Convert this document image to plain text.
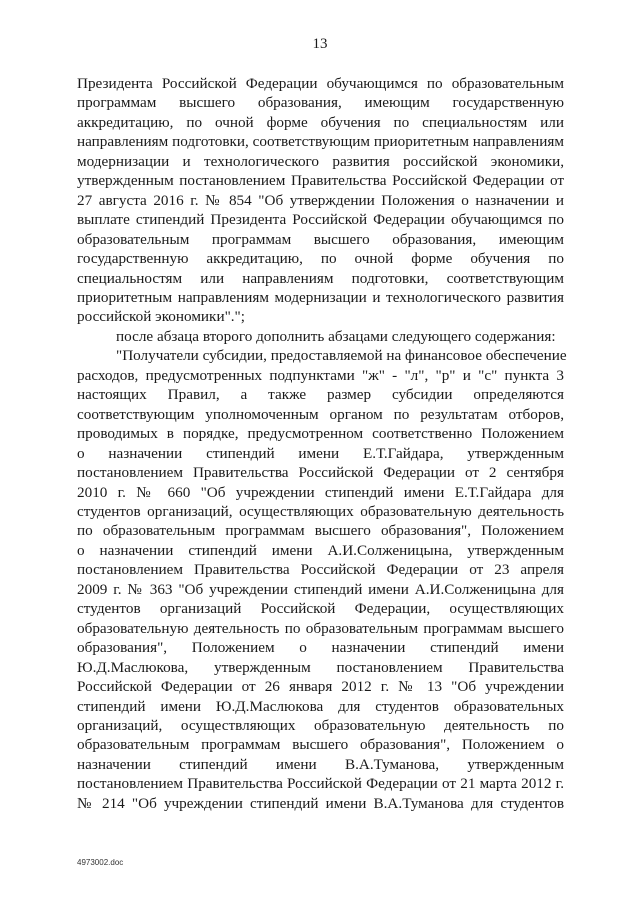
13
Президента Российской Федерации обучающимся по образовательным
программам высшего образования, имеющим государственную
аккредитацию, по очной форме обучения по специальностям или
направлениям подготовки, соответствующим приоритетным направлениям
модернизации и технологического развития российской экономики,
утвержденным постановлением Правительства Российской Федерации от
27 августа 2016 г. № 854 "Об утверждении Положения о назначении и
выплате стипендий Президента Российской Федерации обучающимся по
образовательным программам высшего образования, имеющим
государственную аккредитацию, по очной форме обучения по
специальностям или направлениям подготовки, соответствующим
приоритетным направлениям модернизации и технологического развития
российской экономики".";
после абзаца второго дополнить абзацами следующего содержания:
"Получатели субсидии, предоставляемой на финансовое обеспечение
расходов, предусмотренных подпунктами "ж" - "л", "р" и "с" пункта 3
настоящих Правил, а также размер субсидии определяются
соответствующим уполномоченным органом по результатам отборов,
проводимых в порядке, предусмотренном соответственно Положением
о назначении стипендий имени Е.Т.Гайдара, утвержденным
постановлением Правительства Российской Федерации от 2 сентября
2010 г. № 660 "Об учреждении стипендий имени Е.Т.Гайдара для
студентов организаций, осуществляющих образовательную деятельность
по образовательным программам высшего образования", Положением
о назначении стипендий имени А.И.Солженицына, утвержденным
постановлением Правительства Российской Федерации от 23 апреля
2009 г. № 363 "Об учреждении стипендий имени А.И.Солженицына для
студентов организаций Российской Федерации, осуществляющих
образовательную деятельность по образовательным программам высшего
образования", Положением о назначении стипендий имени
Ю.Д.Маслюкова, утвержденным постановлением Правительства
Российской Федерации от 26 января 2012 г. № 13 "Об учреждении
стипендий имени Ю.Д.Маслюкова для студентов образовательных
организаций, осуществляющих образовательную деятельность по
образовательным программам высшего образования", Положением о
назначении стипендий имени В.А.Туманова, утвержденным
постановлением Правительства Российской Федерации от 21 марта 2012 г.
№ 214 "Об учреждении стипендий имени В.А.Туманова для студентов
4973002.doc
